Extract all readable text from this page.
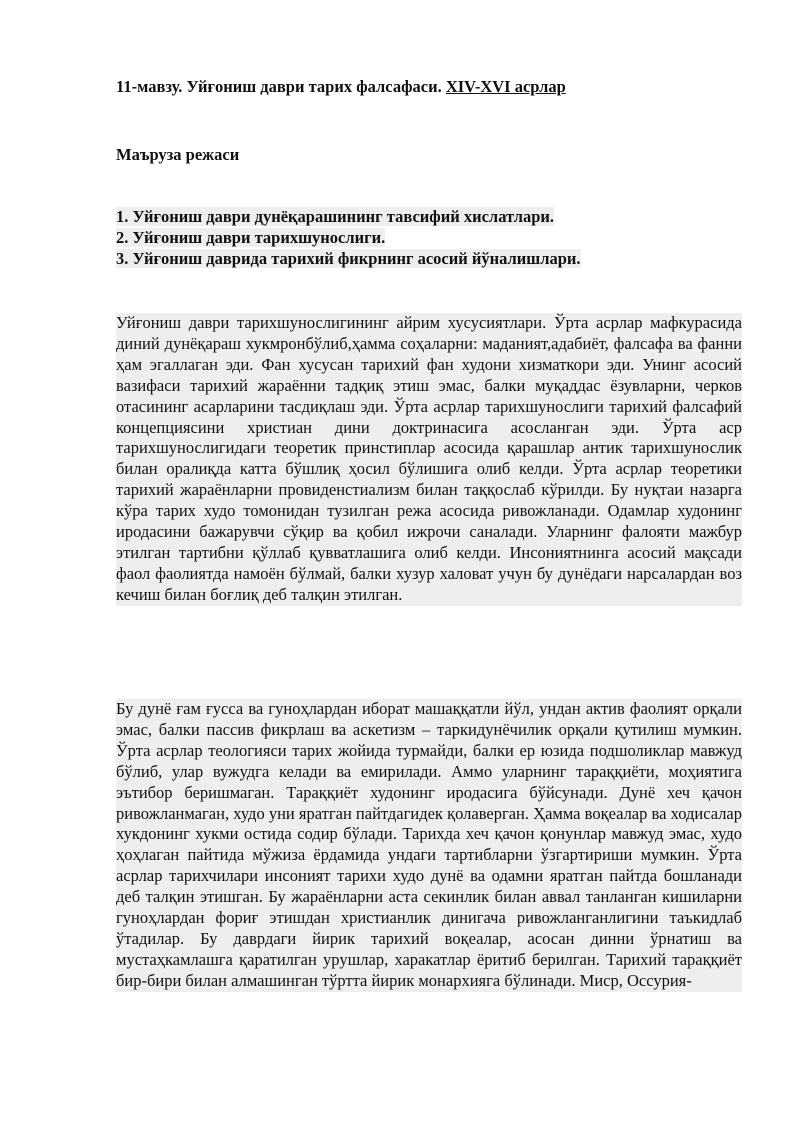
11-мавзу. Уйғониш даври тарих фалсафаси. XIV-XVI асрлар
Маъруза режаси
1. Уйғониш даври дунёқарашининг тавсифий хислатлари.
2. Уйғониш даври тарихшунослиги.
3. Уйғониш даврида тарихий фикрнинг асосий йўналишлари.

Уйғониш даври тарихшунослигининг айрим хусусиятлари. Ўрта асрлар мафкурасида диний дунёқараш хукмронбўлиб,ҳамма соҳаларни: маданият,адабиёт, фалсафа ва фанни ҳам эгаллаган эди. Фан хусусан тарихий фан худони хизматкори эди. Унинг асосий вазифаси тарихий жараённи тадқиқ этиш эмас, балки муқаддас ёзувларни, черков отасининг асарларини тасдиқлаш эди. Ўрта асрлар тарихшунослиги тарихий фалсафий концепциясини христиан дини доктринасига асосланган эди. Ўрта аср тарихшунослигидаги теоретик принстиплар асосида қарашлар антик тарихшунослик билан оралиқда катта бўшлиқ ҳосил бўлишига олиб келди. Ўрта асрлар теоретики тарихий жараёнларни провиденстиализм билан таққослаб кўрилди. Бу нуқтаи назарга кўра тарих худо томонидан тузилган режа асосида ривожланади. Одамлар худонинг иродасини бажарувчи сўқир ва қобил ижрочи саналади. Уларнинг фалояти мажбур этилган тартибни қўллаб қувватлашига олиб келди. Инсониятнинга асосий мақсади фаол фаолиятда намоён бўлмай, балки хузур халоват учун бу дунёдаги нарсалардан воз кечиш билан боғлиқ деб талқин этилган.

Бу дунё ғам ғусса ва гуноҳлардан иборат машаққатли йўл, ундан актив фаолият орқали эмас, балки пассив фикрлаш ва аскетизм – таркидунёчилик орқали қутилиш мумкин. Ўрта асрлар теологияси тарих жойида турмайди, балки ер юзида подшоликлар мавжуд бўлиб, улар вужудга келади ва емирилади. Аммо уларнинг тараққиёти, моҳиятига эътибор беришмаган. Тараққиёт худонинг иродасига бўйсунади. Дунё хеч қачон ривожланмаган, худо уни яратган пайтдагидек қолаверган. Ҳамма воқеалар ва ходисалар хукдонинг хукми остида содир бўлади. Тарихда хеч қачон қонунлар мавжуд эмас, худо ҳоҳлаган пайтида мўжиза ёрдамида ундаги тартибларни ўзгартириши мумкин. Ўрта асрлар тарихчилари инсоният тарихи худо дунё ва одамни яратган пайтда бошланади деб талқин этишган. Бу жараёнларни аста секинлик билан аввал танланган кишиларни гуноҳлардан фориғ этишдан христианлик динигача ривожланганлигини таъкидлаб ўтадилар. Бу даврдаги йирик тарихий воқеалар, асосан динни ўрнатиш ва мустаҳкамлашга қаратилган урушлар, харакатлар ёритиб берилган. Тарихий тараққиёт бир-бири билан алмашинган тўртта йирик монархияга бўлинади. Миср, Оссурия-
